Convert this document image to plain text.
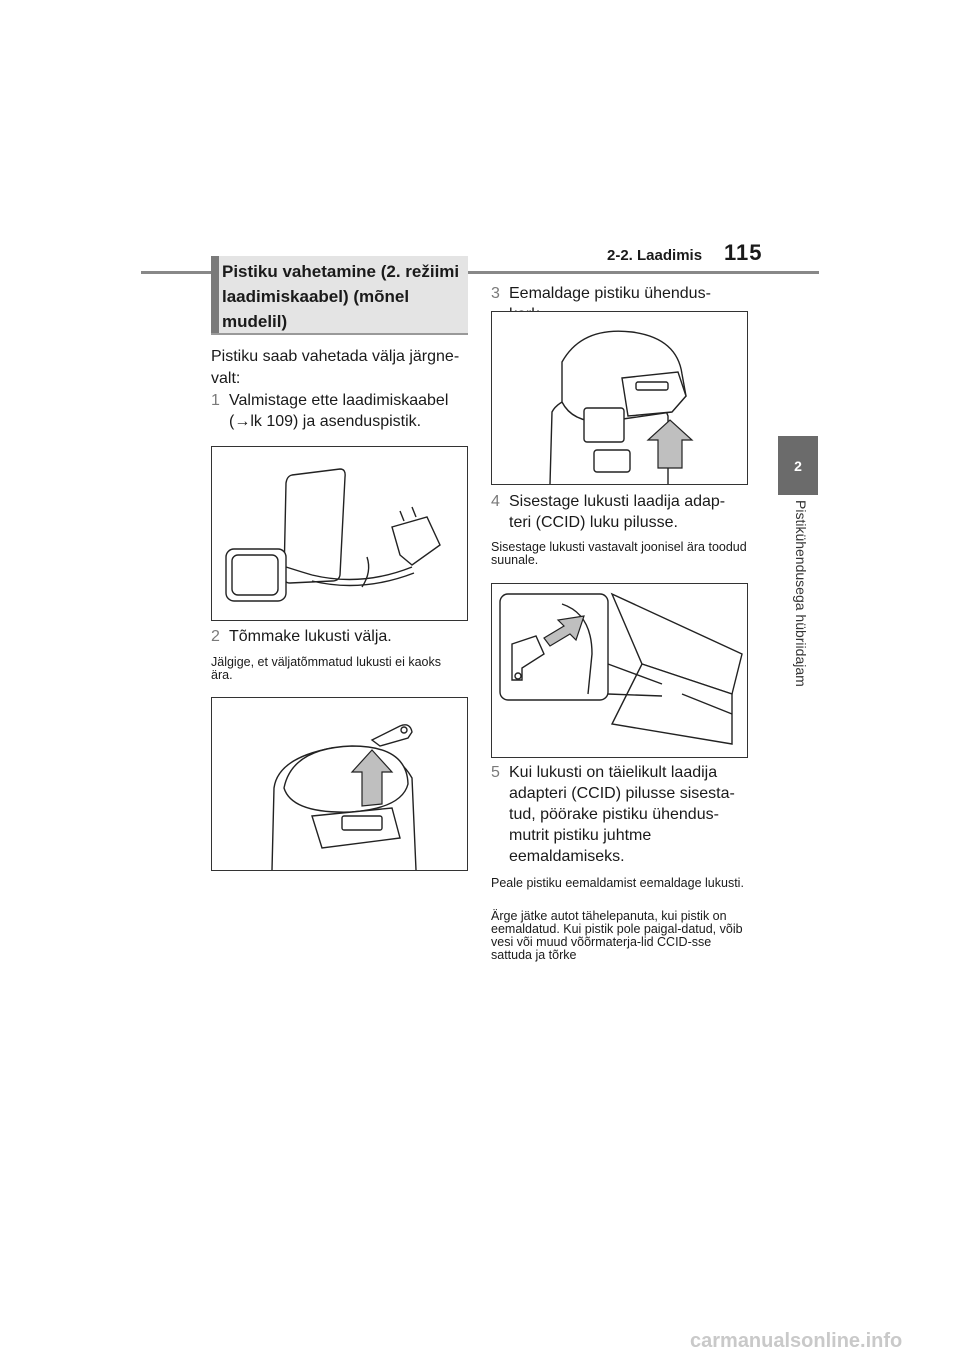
2-2. Laadimis 115
2
Pistikühendusega hübriidajam
Pistiku vahetamine (2. režiimi laadimiskaabel) (mõnel mudelil)
Pistiku saab vahetada välja järgne-valt:
1 Valmistage ette laadimiskaabel (→lk 109) ja asenduspistik.
2 Tõmmake lukusti välja.
Jälgige, et väljatõmmatud lukusti ei kaoks ära.
3 Eemaldage pistiku ühendus-
4 Sisestage lukusti laadija adap-teri (CCID) luku pilusse.
Sisestage lukusti vastavalt joonisel ära toodud suunale.
5 Kui lukusti on täielikult laadija adapteri (CCID) pilusse sisesta-tud, pöörake pistiku ühendus-mutrit pistiku juhtme eemaldamiseks.
Peale pistiku eemaldamist eemaldage lukusti.
Ärge jätke autot tähelepanuta, kui pistik on eemaldatud. Kui pistik pole paigal-datud, võib vesi või muud võõrmaterja-lid CCID-sse sattuda ja tõrke
carmanualsonline.info
